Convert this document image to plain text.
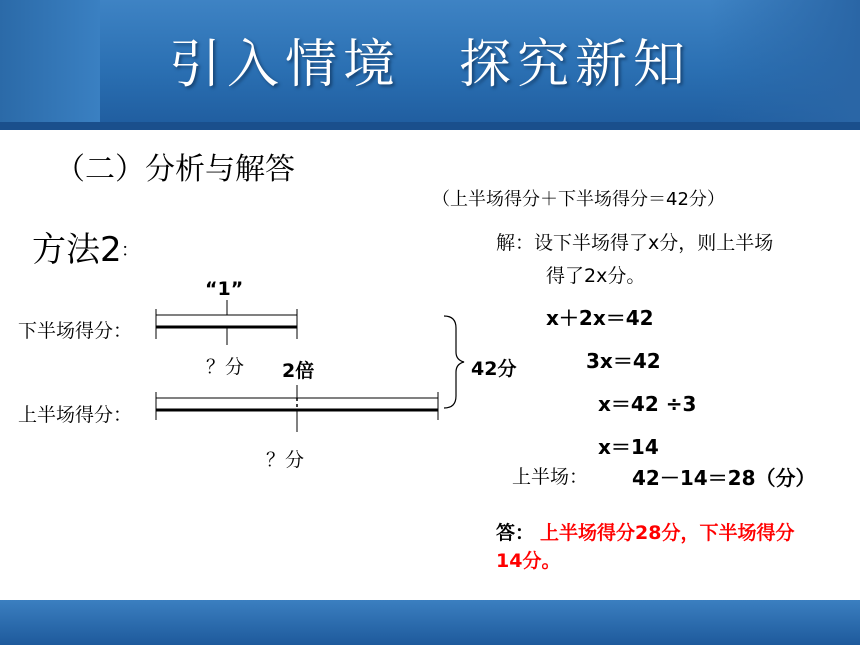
引入情境　探究新知
（二）分析与解答
方法2 ：
（上半场得分＋下半场得分＝42分）
“1”
下半场得分：
？分 2倍	42分
上半场得分：
？分
解：设下半场得了x分，则上半场
得了2x分。
x＋2x＝42
3x＝42
x＝42 ÷3
x＝14
上半场： 42－14＝28（分）
答： 上半场得分28分，下半场得分
14分。
